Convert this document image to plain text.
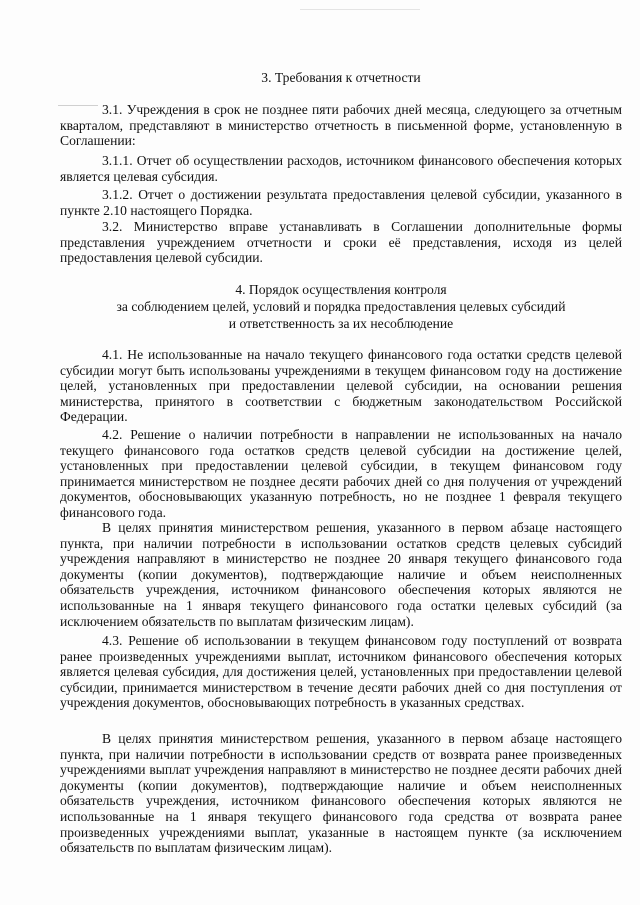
3. Требования к отчетности
3.1. Учреждения в срок не позднее пяти рабочих дней месяца, следующего за отчетным кварталом, представляют в министерство отчетность в письменной форме, установленную в Соглашении:
3.1.1. Отчет об осуществлении расходов, источником финансового обеспечения которых является целевая субсидия.
3.1.2. Отчет о достижении результата предоставления целевой субсидии, указанного в пункте 2.10 настоящего Порядка.
3.2. Министерство вправе устанавливать в Соглашении дополнительные формы представления учреждением отчетности и сроки её представления, исходя из целей предоставления целевой субсидии.
4. Порядок осуществления контроля
за соблюдением целей, условий и порядка предоставления целевых субсидий
и ответственность за их несоблюдение
4.1. Не использованные на начало текущего финансового года остатки средств целевой субсидии могут быть использованы учреждениями в текущем финансовом году на достижение целей, установленных при предоставлении целевой субсидии, на основании решения министерства, принятого в соответствии с бюджетным законодательством Российской Федерации.
4.2. Решение о наличии потребности в направлении не использованных на начало текущего финансового года остатков средств целевой субсидии на достижение целей, установленных при предоставлении целевой субсидии, в текущем финансовом году принимается министерством не позднее десяти рабочих дней со дня получения от учреждений документов, обосновывающих указанную потребность, но не позднее 1 февраля текущего финансового года.
В целях принятия министерством решения, указанного в первом абзаце настоящего пункта, при наличии потребности в использовании остатков средств целевых субсидий учреждения направляют в министерство не позднее 20 января текущего финансового года документы (копии документов), подтверждающие наличие и объем неисполненных обязательств учреждения, источником финансового обеспечения которых являются не использованные на 1 января текущего финансового года остатки целевых субсидий (за исключением обязательств по выплатам физическим лицам).
4.3. Решение об использовании в текущем финансовом году поступлений от возврата ранее произведенных учреждениями выплат, источником финансового обеспечения которых является целевая субсидия, для достижения целей, установленных при предоставлении целевой субсидии, принимается министерством в течение десяти рабочих дней со дня поступления от учреждения документов, обосновывающих потребность в указанных средствах.
В целях принятия министерством решения, указанного в первом абзаце настоящего пункта, при наличии потребности в использовании средств от возврата ранее произведенных учреждениями выплат учреждения направляют в министерство не позднее десяти рабочих дней документы (копии документов), подтверждающие наличие и объем неисполненных обязательств учреждения, источником финансового обеспечения которых являются не использованные на 1 января текущего финансового года средства от возврата ранее произведенных учреждениями выплат, указанные в настоящем пункте (за исключением обязательств по выплатам физическим лицам).
